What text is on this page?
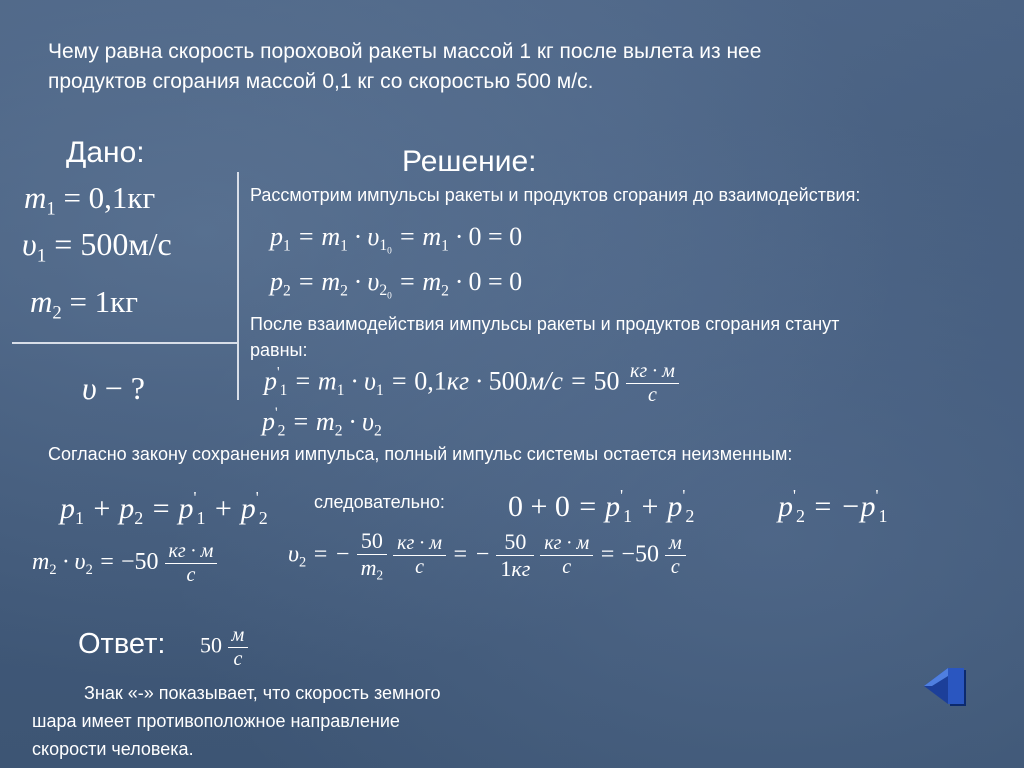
Чему равна скорость пороховой ракеты массой 1 кг после вылета из нее
продуктов сгорания массой 0,1 кг со скоростью 500 м/с.
Дано:
$m_1 = 0,1кг$
$\upsilon_1 = 500м/с$
$m_2 = 1кг$
υ − ?
Решение:
Рассмотрим импульсы ракеты и продуктов сгорания до взаимодействия:
$p_1 = m_1 \cdot \upsilon_{1_0} = m_1 \cdot 0 = 0$
$p_2 = m_2 \cdot \upsilon_{2_0} = m_2 \cdot 0 = 0$
После взаимодействия импульсы ракеты и продуктов сгорания станут
равны:
$p'_1 = m_1 \cdot \upsilon_1 = 0,1кг \cdot 500м/с = 50 \frac{кг \cdot м}{с}$
$p'_2 = m_2 \cdot \upsilon_2$
Согласно закону сохранения импульса, полный импульс системы остается неизменным:
$p_1 + p_2 = p'_1 + p'_2$
следовательно: $0 + 0 = p'_1 + p'_2$	$p'_2 = -p'_1$
$m_2 \cdot \upsilon_2 = -50 \frac{кг \cdot м}{с}$	$\upsilon_2$ = − $\frac{50}{m_2}$
$\frac{кг \cdot м}{с}$ = − $\frac{50}{1кг}$
$\frac{кг \cdot м}{с} = -50 \frac{м}{с}$
Ответ: $50 \frac{м}{с}$
Знак «-» показывает, что скорость земного
шара имеет противоположное направление
скорости человека.
